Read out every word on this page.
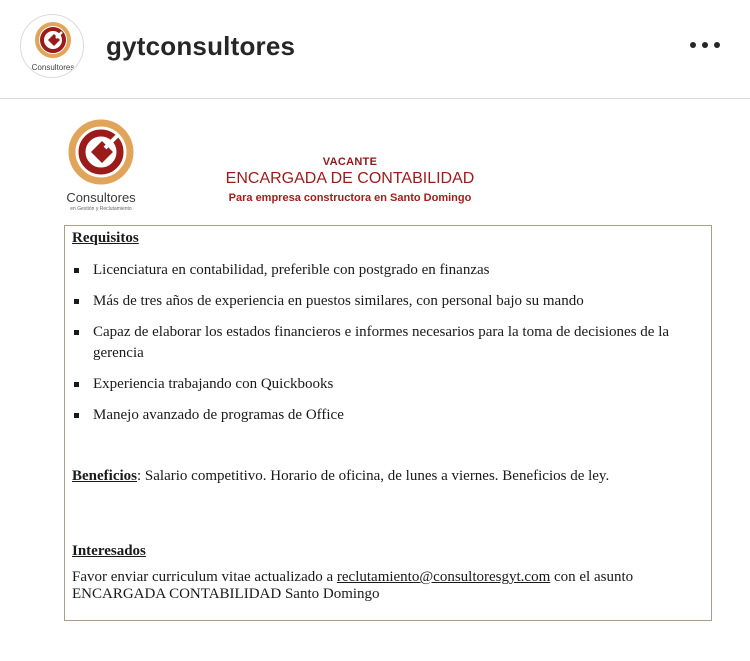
Consultores
gytconsultores
Consultores
en Gestión y Reclutamiento
VACANTE
ENCARGADA DE CONTABILIDAD
Para empresa constructora en Santo Domingo
Requisitos
Licenciatura en contabilidad, preferible con postgrado en finanzas
Más de tres años de experiencia en puestos similares, con personal bajo su mando
Capaz de elaborar los estados financieros e informes necesarios para la toma de decisiones de la gerencia
Experiencia trabajando con Quickbooks
Manejo avanzado de programas de Office
Beneficios: Salario competitivo. Horario de oficina, de lunes a viernes. Beneficios de ley.
Interesados
Favor enviar curriculum vitae actualizado a reclutamiento@consultoresgyt.com con el asunto ENCARGADA CONTABILIDAD Santo Domingo
